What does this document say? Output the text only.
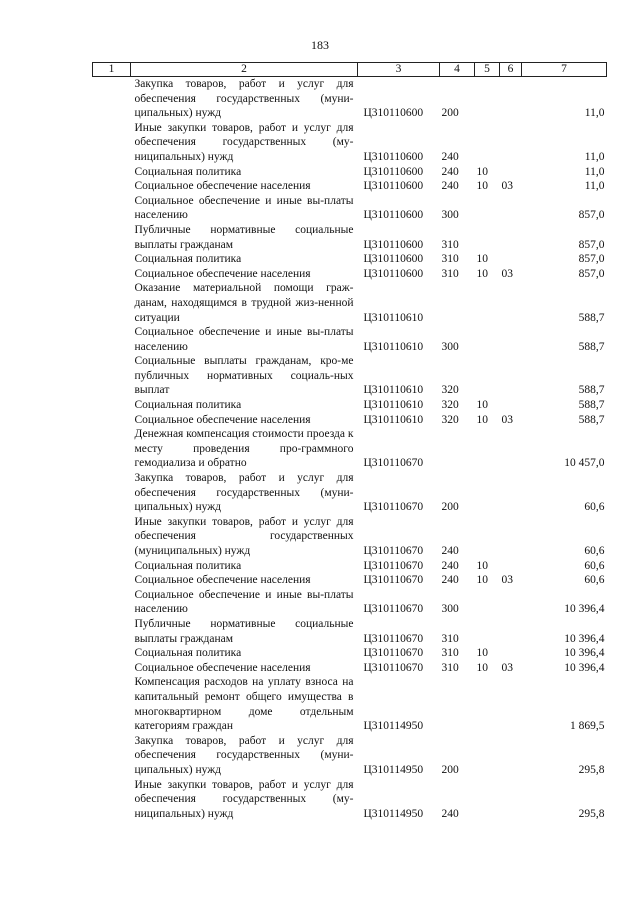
183
1	2	3	4	5	6	7
	Закупка товаров, работ и услуг для обеспечения государственных (муни-ципальных) нужд	Ц310110600	200			11,0
	Иные закупки товаров, работ и услуг для обеспечения государственных (му-ниципальных) нужд	Ц310110600	240			11,0
	Социальная политика	Ц310110600	240	10		11,0
	Социальное обеспечение населения	Ц310110600	240	10	03	11,0
	Социальное обеспечение и иные вы-платы населению	Ц310110600	300			857,0
	Публичные нормативные социальные выплаты гражданам	Ц310110600	310			857,0
	Социальная политика	Ц310110600	310	10		857,0
	Социальное обеспечение населения	Ц310110600	310	10	03	857,0
	Оказание материальной помощи граж-данам, находящимся в трудной жиз-ненной ситуации	Ц310110610				588,7
	Социальное обеспечение и иные вы-платы населению	Ц310110610	300			588,7
	Социальные выплаты гражданам, кро-ме публичных нормативных социаль-ных выплат	Ц310110610	320			588,7
	Социальная политика	Ц310110610	320	10		588,7
	Социальное обеспечение населения	Ц310110610	320	10	03	588,7
	Денежная компенсация стоимости проезда к месту проведения про-граммного гемодиализа и обратно	Ц310110670				10 457,0
	Закупка товаров, работ и услуг для обеспечения государственных (муни-ципальных) нужд	Ц310110670	200			60,6
	Иные закупки товаров, работ и услуг для обеспечения государственных (муниципальных) нужд	Ц310110670	240			60,6
	Социальная политика	Ц310110670	240	10		60,6
	Социальное обеспечение населения	Ц310110670	240	10	03	60,6
	Социальное обеспечение и иные вы-платы населению	Ц310110670	300			10 396,4
	Публичные нормативные социальные выплаты гражданам	Ц310110670	310			10 396,4
	Социальная политика	Ц310110670	310	10		10 396,4
	Социальное обеспечение населения	Ц310110670	310	10	03	10 396,4
	Компенсация расходов на уплату взноса на капитальный ремонт общего имущества в многоквартирном доме отдельным категориям граждан	Ц310114950				1 869,5
	Закупка товаров, работ и услуг для обеспечения государственных (муни-ципальных) нужд	Ц310114950	200			295,8
	Иные закупки товаров, работ и услуг для обеспечения государственных (му-ниципальных) нужд	Ц310114950	240			295,8
